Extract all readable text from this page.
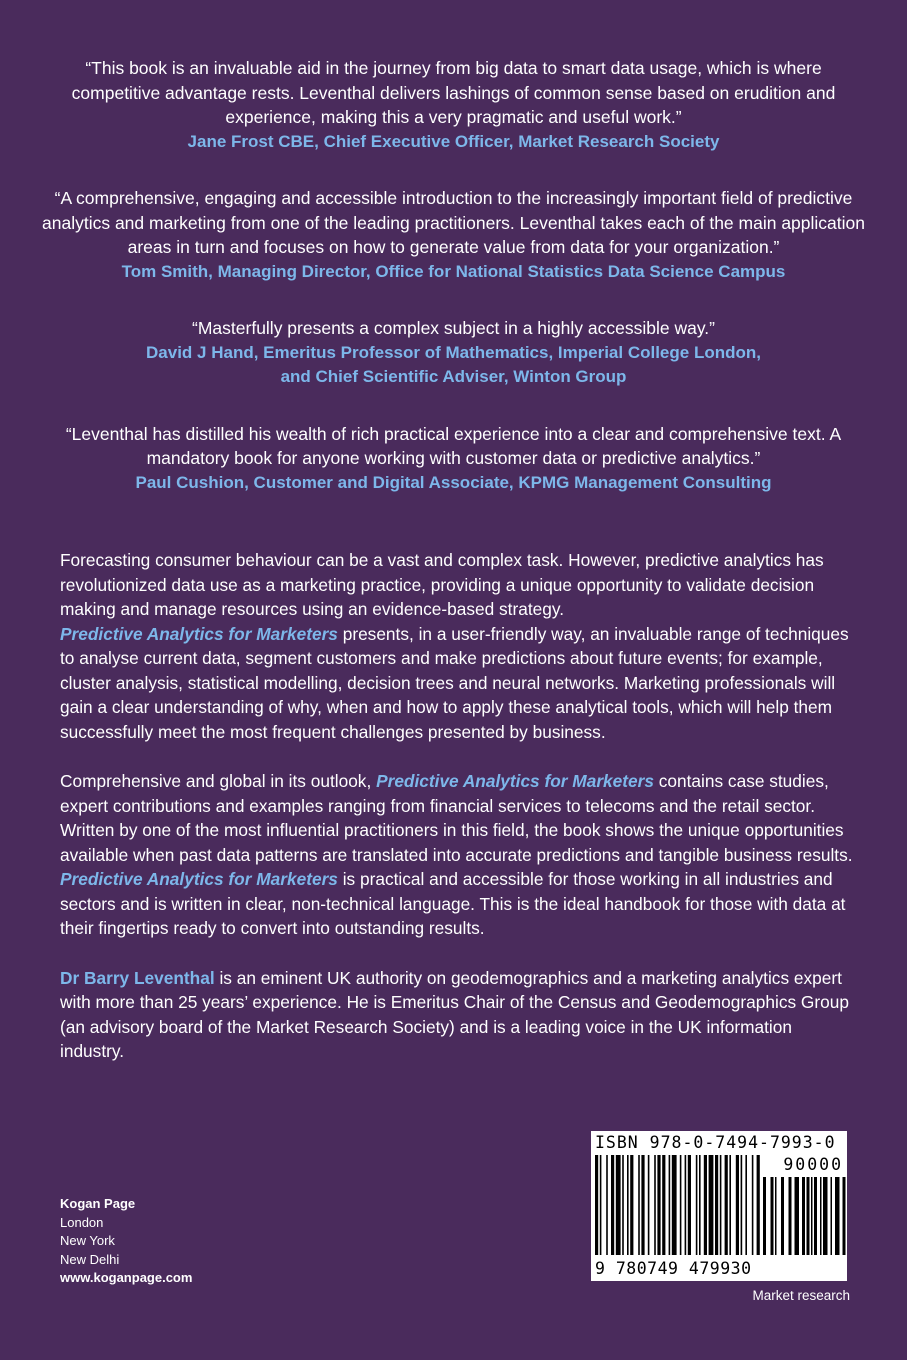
“This book is an invaluable aid in the journey from big data to smart data usage, which is where competitive advantage rests. Leventhal delivers lashings of common sense based on erudition and experience, making this a very pragmatic and useful work.”

Jane Frost CBE, Chief Executive Officer, Market Research Society

“A comprehensive, engaging and accessible introduction to the increasingly important field of predictive analytics and marketing from one of the leading practitioners. Leventhal takes each of the main application areas in turn and focuses on how to generate value from data for your organization.”

Tom Smith, Managing Director, Office for National Statistics Data Science Campus

“Masterfully presents a complex subject in a highly accessible way.”

David J Hand, Emeritus Professor of Mathematics, Imperial College London,

and Chief Scientific Adviser, Winton Group

“Leventhal has distilled his wealth of rich practical experience into a clear and comprehensive text. A mandatory book for anyone working with customer data or predictive analytics.”

Paul Cushion, Customer and Digital Associate, KPMG Management Consulting

Forecasting consumer behaviour can be a vast and complex task. However, predictive analytics has revolutionized data use as a marketing practice, providing a unique opportunity to validate decision making and manage resources using an evidence-based strategy.
Predictive Analytics for Marketers presents, in a user-friendly way, an invaluable range of techniques to analyse current data, segment customers and make predictions about future events; for example, cluster analysis, statistical modelling, decision trees and neural networks. Marketing professionals will gain a clear understanding of why, when and how to apply these analytical tools, which will help them successfully meet the most frequent challenges presented by business.

Comprehensive and global in its outlook, Predictive Analytics for Marketers contains case studies, expert contributions and examples ranging from financial services to telecoms and the retail sector. Written by one of the most influential practitioners in this field, the book shows the unique opportunities available when past data patterns are translated into accurate predictions and tangible business results. Predictive Analytics for Marketers is practical and accessible for those working in all industries and sectors and is written in clear, non-technical language. This is the ideal handbook for those with data at their fingertips ready to convert into outstanding results.

Dr Barry Leventhal is an eminent UK authority on geodemographics and a marketing analytics expert with more than 25 years’ experience. He is Emeritus Chair of the Census and Geodemographics Group (an advisory board of the Market Research Society) and is a leading voice in the UK information industry.

Kogan Page
London
New York
New Delhi
www.koganpage.com
ISBN 978-0-7494-7993-0
90000
9 780749 479930
Market research
